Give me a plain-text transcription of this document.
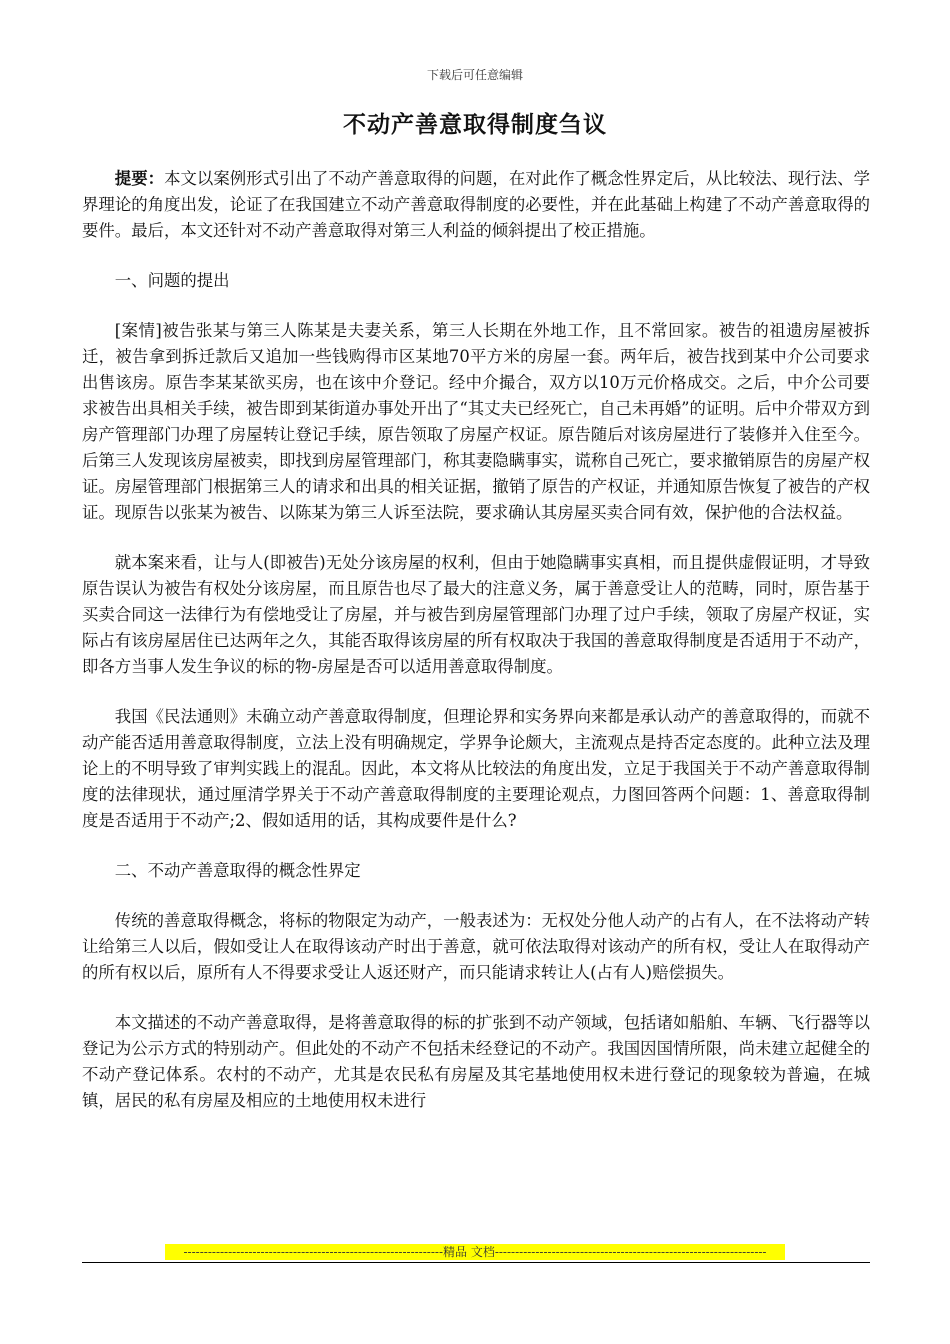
下载后可任意编辑
不动产善意取得制度刍议

提要：本文以案例形式引出了不动产善意取得的问题，在对此作了概念性界定后，从比较法、现行法、学界理论的角度出发，论证了在我国建立不动产善意取得制度的必要性，并在此基础上构建了不动产善意取得的要件。最后，本文还针对不动产善意取得对第三人利益的倾斜提出了校正措施。

一、问题的提出

[案情]被告张某与第三人陈某是夫妻关系，第三人长期在外地工作，且不常回家。被告的祖遗房屋被拆迁，被告拿到拆迁款后又追加一些钱购得市区某地70平方米的房屋一套。两年后，被告找到某中介公司要求出售该房。原告李某某欲买房，也在该中介登记。经中介撮合，双方以10万元价格成交。之后，中介公司要求被告出具相关手续，被告即到某街道办事处开出了“其丈夫已经死亡，自己未再婚”的证明。后中介带双方到房产管理部门办理了房屋转让登记手续，原告领取了房屋产权证。原告随后对该房屋进行了装修并入住至今。后第三人发现该房屋被卖，即找到房屋管理部门，称其妻隐瞒事实，谎称自己死亡，要求撤销原告的房屋产权证。房屋管理部门根据第三人的请求和出具的相关证据，撤销了原告的产权证，并通知原告恢复了被告的产权证。现原告以张某为被告、以陈某为第三人诉至法院，要求确认其房屋买卖合同有效，保护他的合法权益。

就本案来看，让与人(即被告)无处分该房屋的权利，但由于她隐瞒事实真相，而且提供虚假证明，才导致原告误认为被告有权处分该房屋，而且原告也尽了最大的注意义务，属于善意受让人的范畴，同时，原告基于买卖合同这一法律行为有偿地受让了房屋，并与被告到房屋管理部门办理了过户手续，领取了房屋产权证，实际占有该房屋居住已达两年之久，其能否取得该房屋的所有权取决于我国的善意取得制度是否适用于不动产，即各方当事人发生争议的标的物-房屋是否可以适用善意取得制度。

我国《民法通则》未确立动产善意取得制度，但理论界和实务界向来都是承认动产的善意取得的，而就不动产能否适用善意取得制度，立法上没有明确规定，学界争论颇大，主流观点是持否定态度的。此种立法及理论上的不明导致了审判实践上的混乱。因此，本文将从比较法的角度出发，立足于我国关于不动产善意取得制度的法律现状，通过厘清学界关于不动产善意取得制度的主要理论观点，力图回答两个问题：1、善意取得制度是否适用于不动产;2、假如适用的话，其构成要件是什么?

二、不动产善意取得的概念性界定

传统的善意取得概念，将标的物限定为动产，一般表述为：无权处分他人动产的占有人，在不法将动产转让给第三人以后，假如受让人在取得该动产时出于善意，就可依法取得对该动产的所有权，受让人在取得动产的所有权以后，原所有人不得要求受让人返还财产，而只能请求转让人(占有人)赔偿损失。

本文描述的不动产善意取得，是将善意取得的标的扩张到不动产领域，包括诸如船舶、车辆、飞行器等以登记为公示方式的特别动产。但此处的不动产不包括未经登记的不动产。我国因国情所限，尚未建立起健全的不动产登记体系。农村的不动产，尤其是农民私有房屋及其宅基地使用权未进行登记的现象较为普遍，在城镇，居民的私有房屋及相应的土地使用权未进行

----------------------------------------------------------------精品 文档-------------------------------------------------------------------
